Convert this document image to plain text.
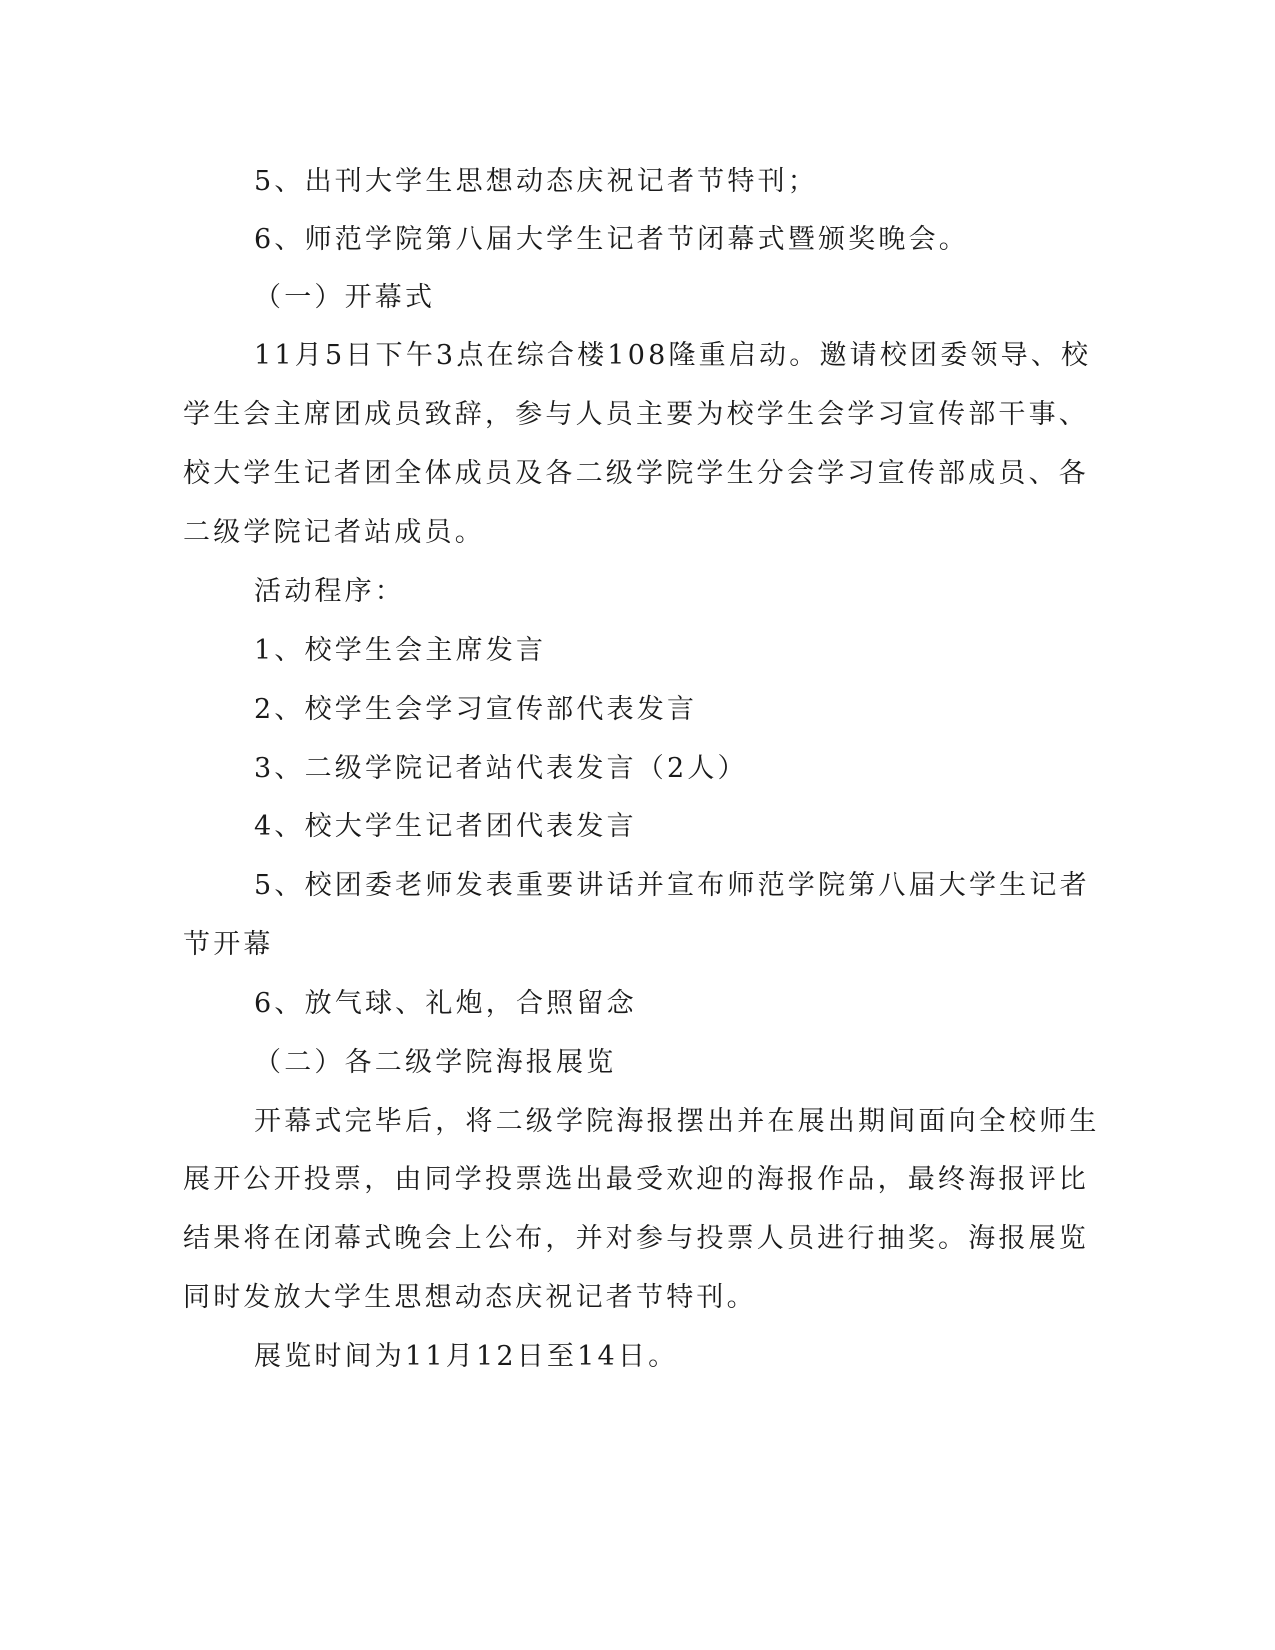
5、出刊大学生思想动态庆祝记者节特刊；

6、师范学院第八届大学生记者节闭幕式暨颁奖晚会。

（一）开幕式

11月5日下午3点在综合楼108隆重启动。邀请校团委领导、校

学生会主席团成员致辞，参与人员主要为校学生会学习宣传部干事、

校大学生记者团全体成员及各二级学院学生分会学习宣传部成员、各

二级学院记者站成员。

活动程序：

1、校学生会主席发言

2、校学生会学习宣传部代表发言

3、二级学院记者站代表发言（2人）

4、校大学生记者团代表发言

5、校团委老师发表重要讲话并宣布师范学院第八届大学生记者

节开幕

6、放气球、礼炮，合照留念

（二）各二级学院海报展览

开幕式完毕后，将二级学院海报摆出并在展出期间面向全校师生

展开公开投票，由同学投票选出最受欢迎的海报作品，最终海报评比

结果将在闭幕式晚会上公布，并对参与投票人员进行抽奖。海报展览

同时发放大学生思想动态庆祝记者节特刊。

展览时间为11月12日至14日。
